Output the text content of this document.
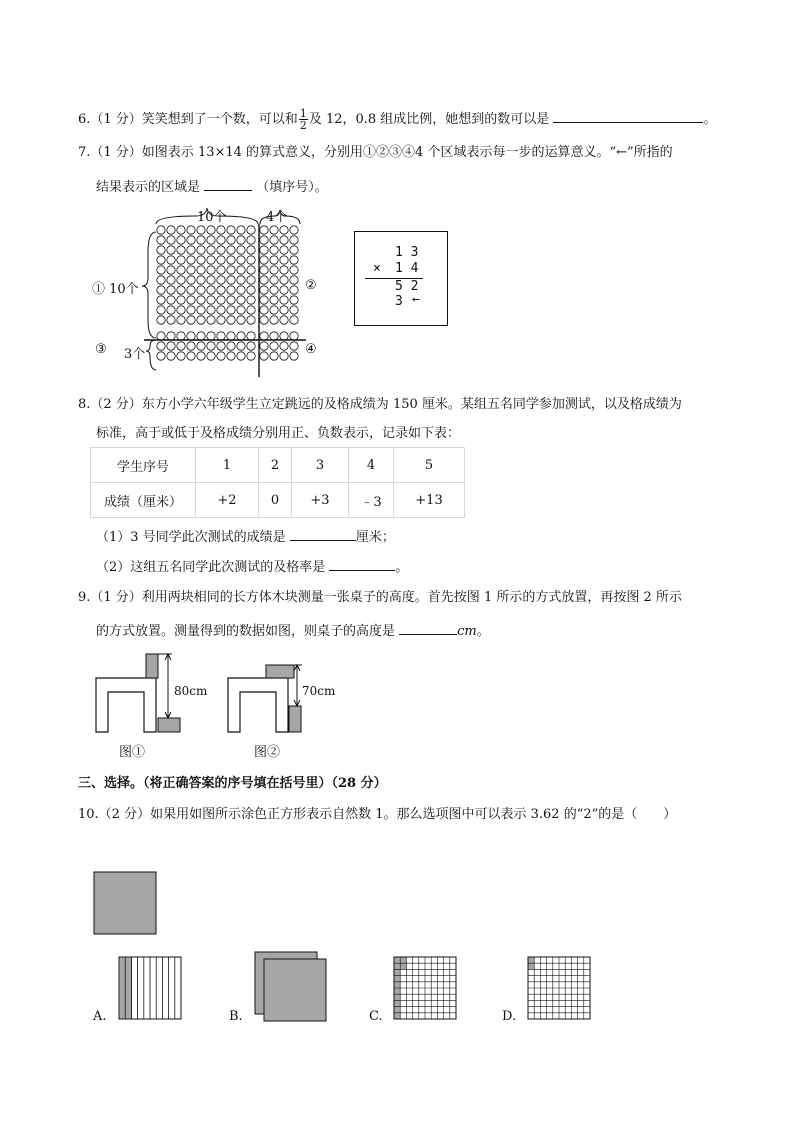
6.（1 分）笑笑想到了一个数，可以和 $\frac{1}{2}$ 及 12，0.8 组成比例，她想到的数可以是	。
7.（1 分）如图表示 13×14 的算式意义，分别用①②③④4 个区域表示每一步的运算意义。“←”所指的
结果表示的区域是	（填序号）。
10个	4个
① 10个	②
③ 3个	④
1 3
× 1 4
5 2
3 ←
8.（2 分）东方小学六年级学生立定跳远的及格成绩为 150 厘米。某组五名同学参加测试，以及格成绩为
标准，高于或低于及格成绩分别用正、负数表示，记录如下表：
学生序号	1	2	3	4	5
成绩（厘米）	+2	0	+3	﹣3	+13
（1）3 号同学此次测试的成绩是	厘米；
（2）这组五名同学此次测试的及格率是	。
9.（1 分）利用两块相同的长方体木块测量一张桌子的高度。首先按图 1 所示的方式放置，再按图 2 所示
的方式放置。测量得到的数据如图，则桌子的高度是	cm。
80cm	70cm
图①	图②
三、选择。（将正确答案的序号填在括号里）（28 分）
10.（2 分）如果用如图所示涂色正方形表示自然数 1。那么选项图中可以表示 3.62 的“2”的是（　　）
A.	B.	C.	D.
